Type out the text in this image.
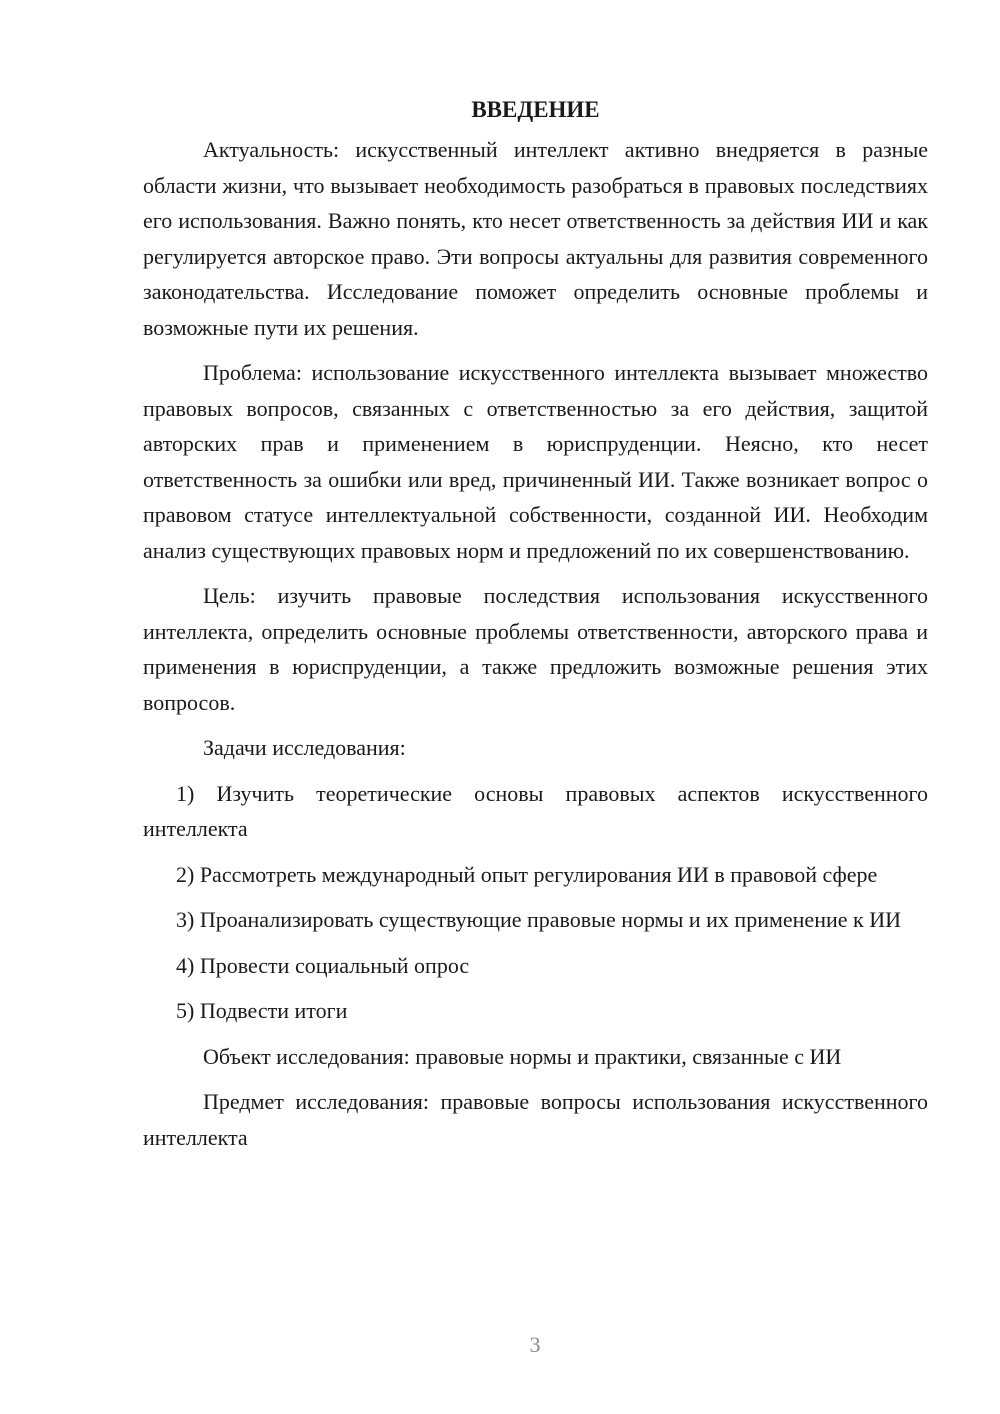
ВВЕДЕНИЕ

Актуальность: искусственный интеллект активно внедряется в разные области жизни, что вызывает необходимость разобраться в правовых последствиях его использования. Важно понять, кто несет ответственность за действия ИИ и как регулируется авторское право. Эти вопросы актуальны для развития современного законодательства. Исследование поможет определить основные проблемы и возможные пути их решения.

Проблема: использование искусственного интеллекта вызывает множество правовых вопросов, связанных с ответственностью за его действия, защитой авторских прав и применением в юриспруденции. Неясно, кто несет ответственность за ошибки или вред, причиненный ИИ. Также возникает вопрос о правовом статусе интеллектуальной собственности, созданной ИИ. Необходим анализ существующих правовых норм и предложений по их совершенствованию.

Цель: изучить правовые последствия использования искусственного интеллекта, определить основные проблемы ответственности, авторского права и применения в юриспруденции, а также предложить возможные решения этих вопросов.

Задачи исследования:

1) Изучить теоретические основы правовых аспектов искусственного интеллекта

2) Рассмотреть международный опыт регулирования ИИ в правовой сфере

3) Проанализировать существующие правовые нормы и их применение к ИИ

4) Провести социальный опрос

5) Подвести итоги

Объект исследования: правовые нормы и практики, связанные с ИИ

Предмет исследования: правовые вопросы использования искусственного интеллекта

3
